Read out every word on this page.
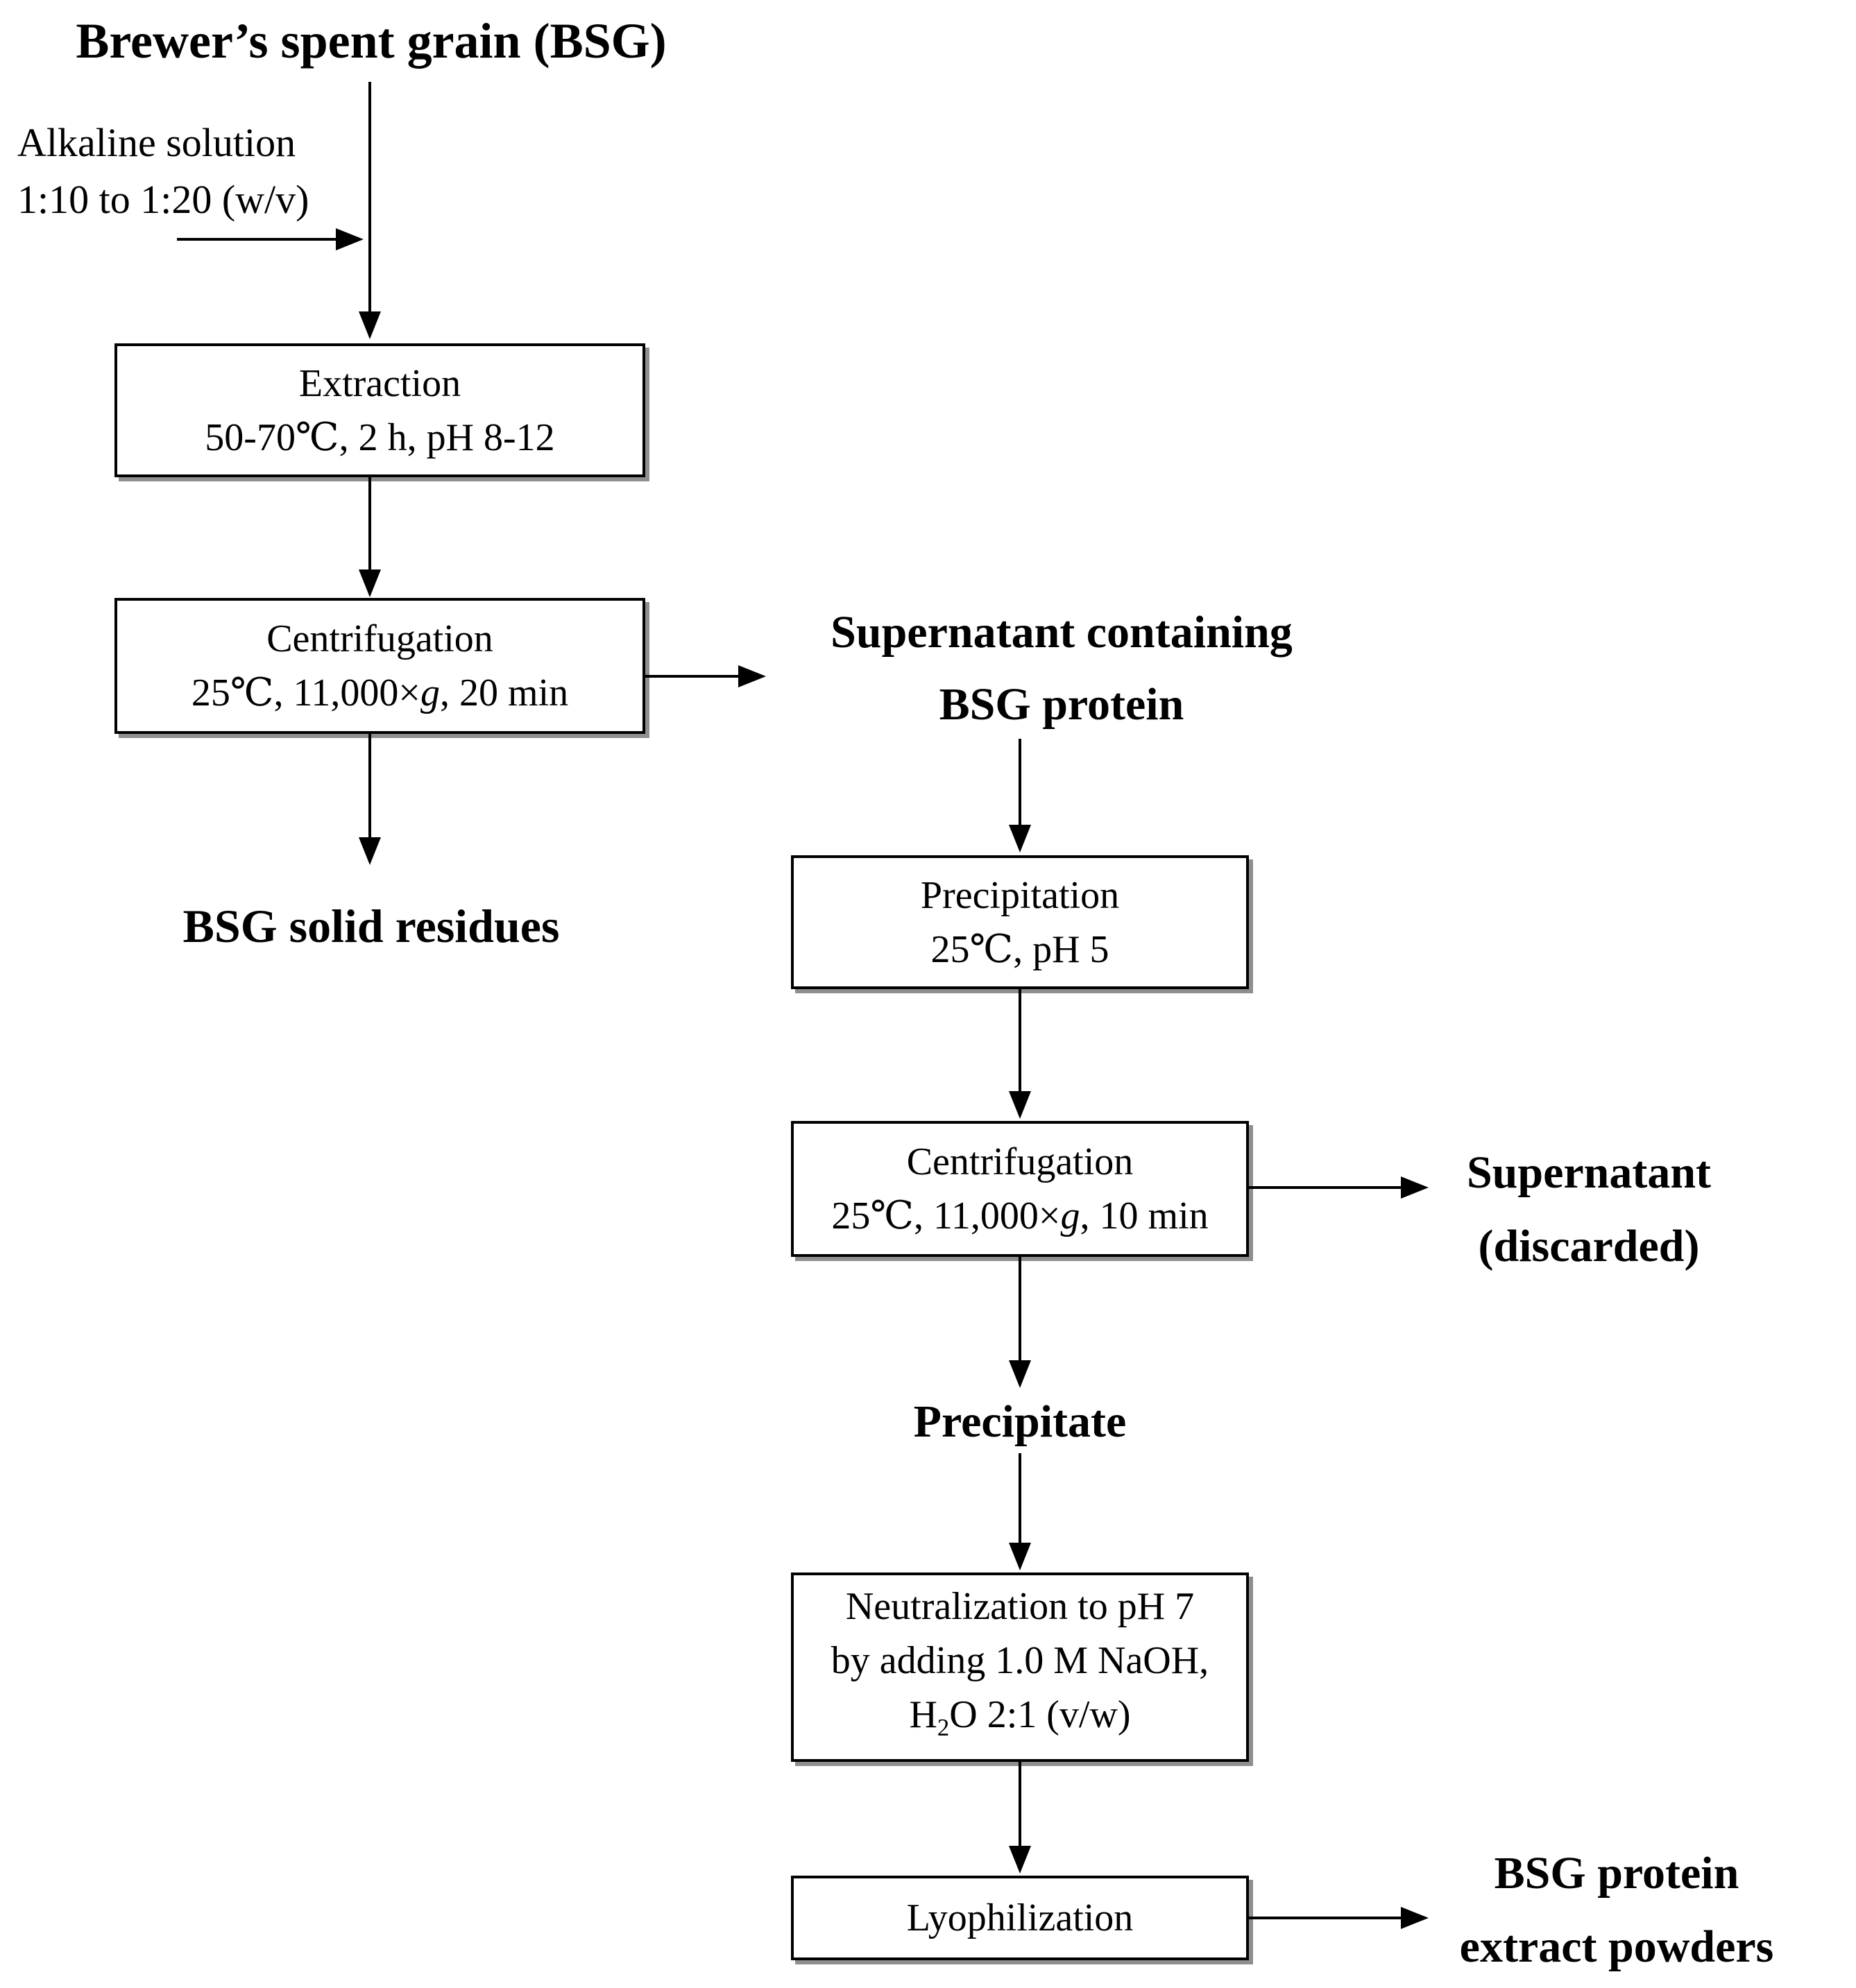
Brewer’s spent grain (BSG)
Alkaline solution
1:10 to 1:20 (w/v)
Extraction
50-70℃, 2 h, pH 8-12
Centrifugation
25℃, 11,000×g, 20 min
BSG solid residues
Supernatant containing
BSG protein
Precipitation
25℃, pH 5
Centrifugation
25℃, 11,000×g, 10 min
Supernatant
(discarded)
Precipitate
Neutralization to pH 7
by adding 1.0 M NaOH,
$H_2O$ 2:1 (v/w)
Lyophilization
BSG protein
extract powders
